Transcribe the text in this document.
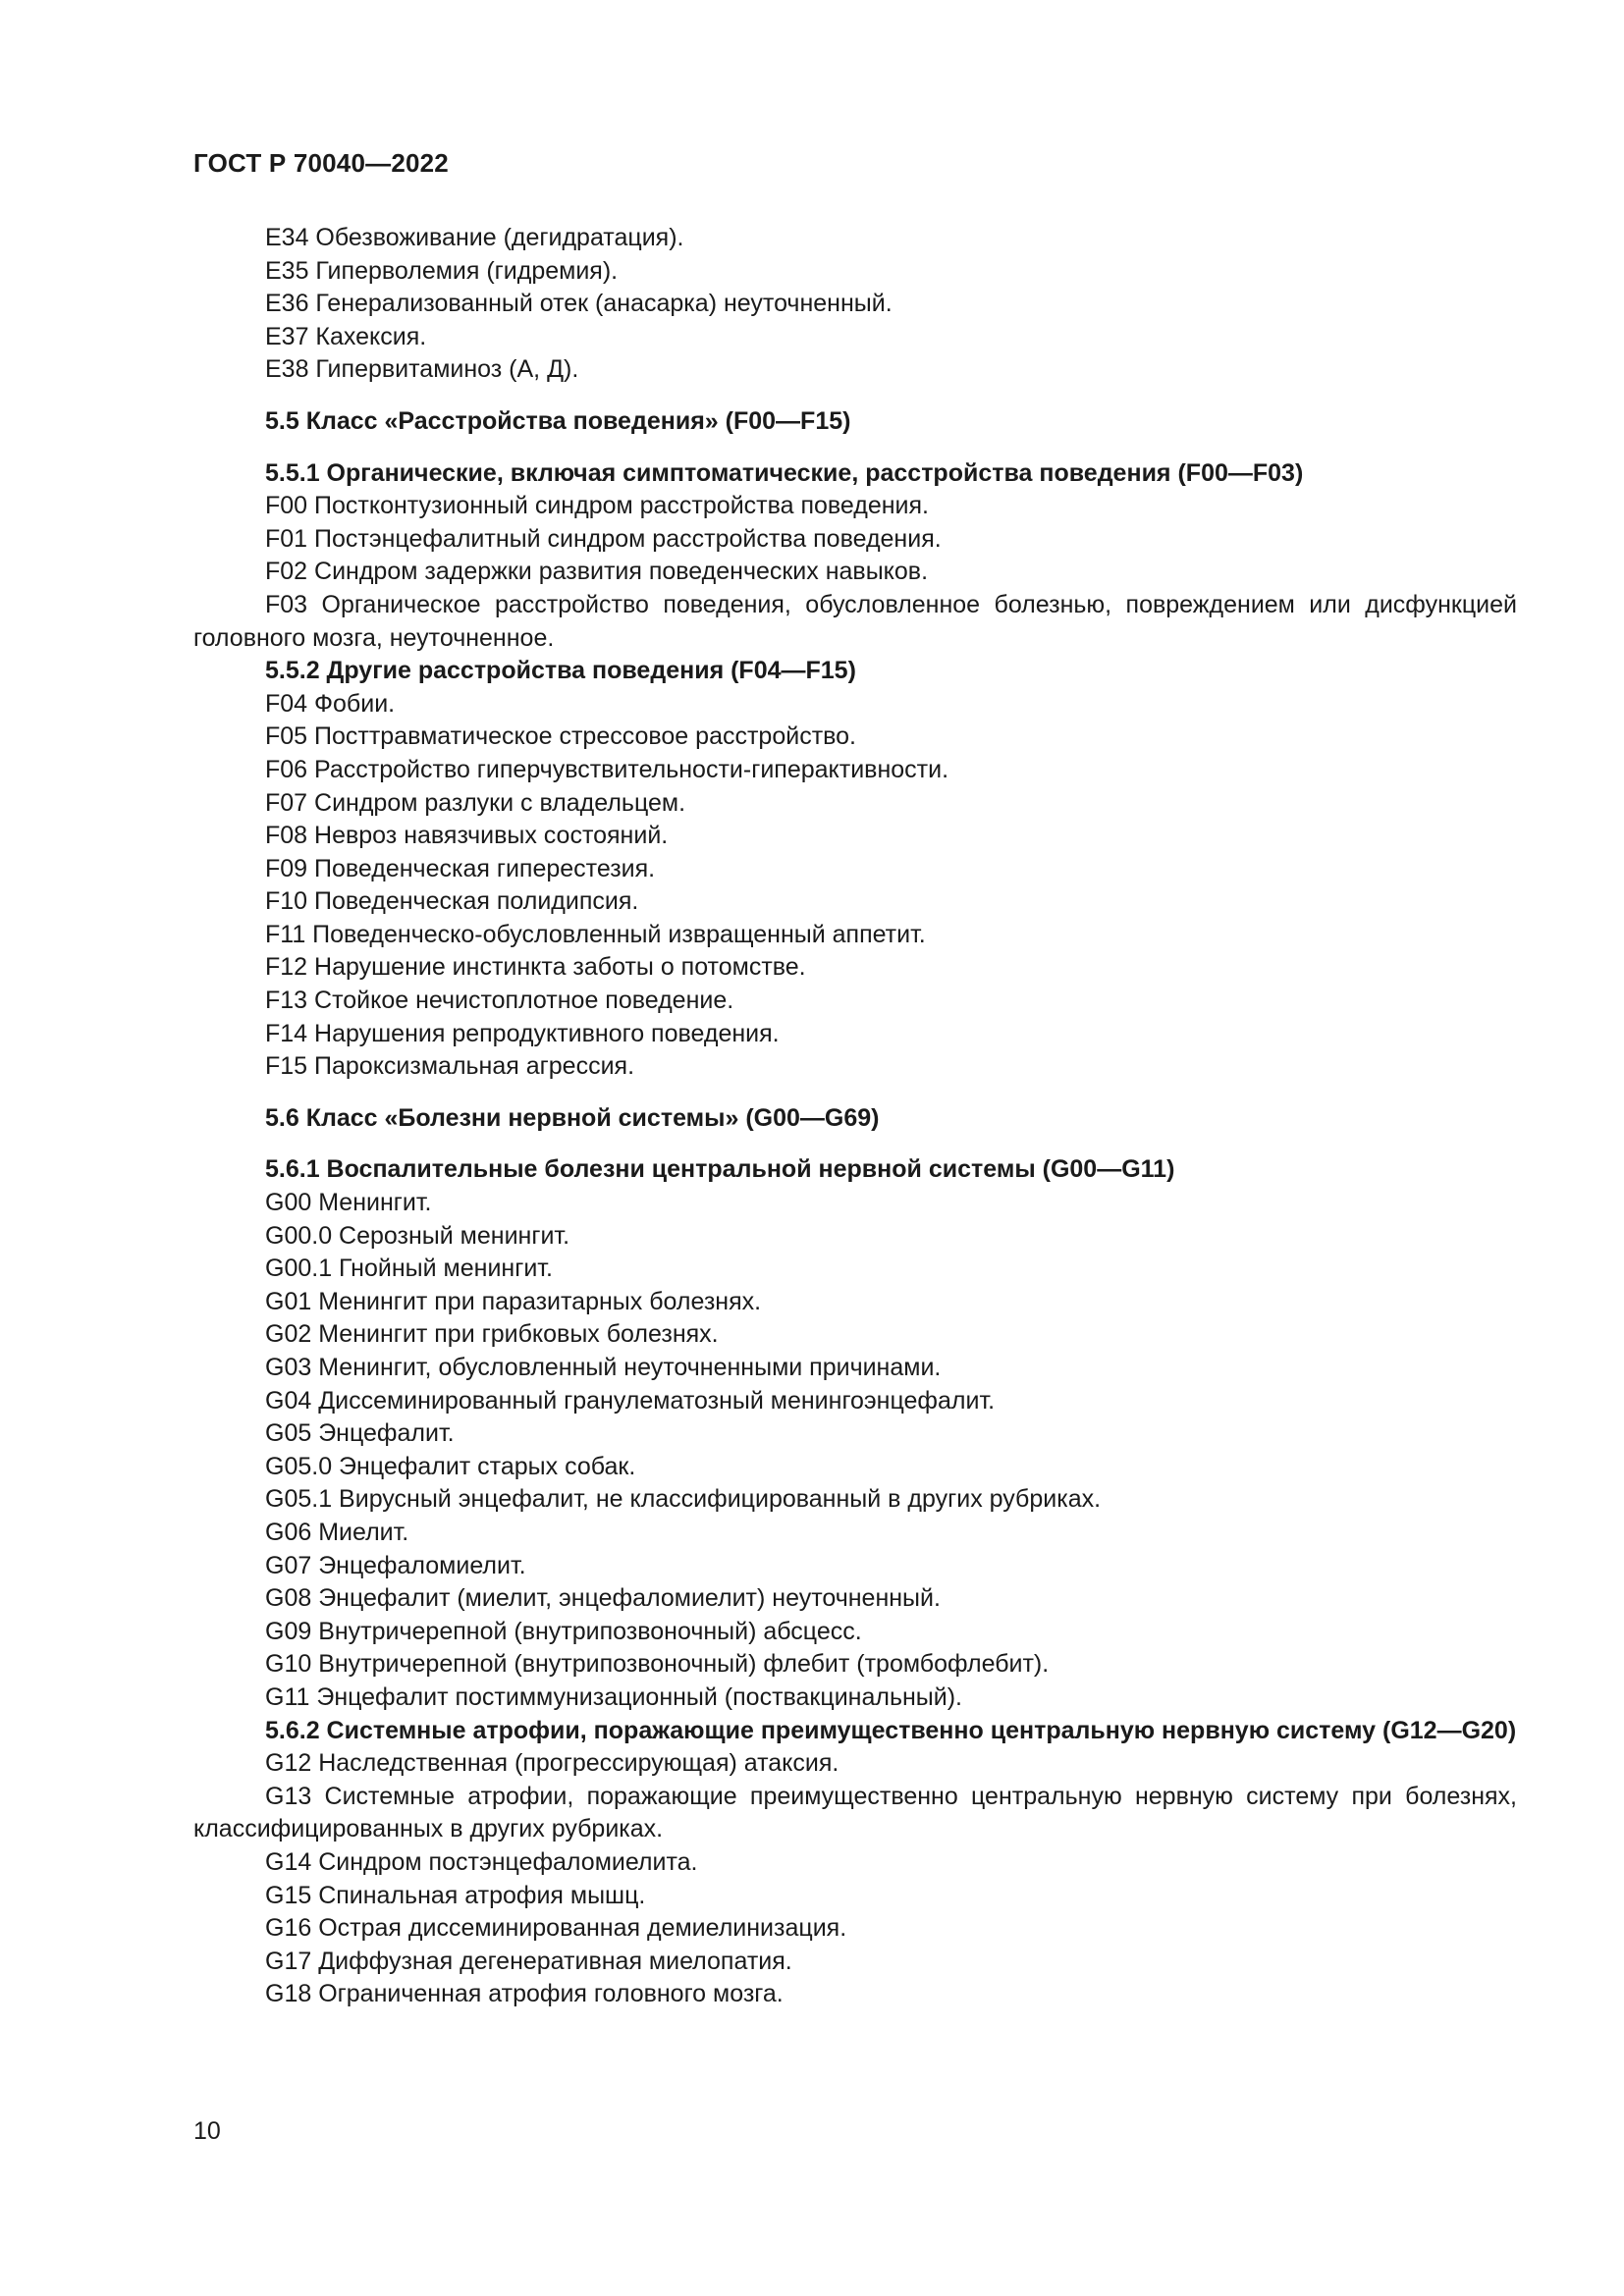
ГОСТ Р 70040—2022
E34 Обезвоживание (дегидратация).
E35 Гиперволемия (гидремия).
E36 Генерализованный отек (анасарка) неуточненный.
E37 Кахексия.
E38 Гипервитаминоз (А, Д).
5.5 Класс «Расстройства поведения» (F00—F15)
5.5.1 Органические, включая симптоматические, расстройства поведения (F00—F03)
F00 Постконтузионный синдром расстройства поведения.
F01 Постэнцефалитный синдром расстройства поведения.
F02 Синдром задержки развития поведенческих навыков.
F03 Органическое расстройство поведения, обусловленное болезнью, повреждением или дисфункцией головного мозга, неуточненное.
5.5.2 Другие расстройства поведения (F04—F15)
F04 Фобии.
F05 Посттравматическое стрессовое расстройство.
F06 Расстройство гиперчувствительности-гиперактивности.
F07 Синдром разлуки с владельцем.
F08 Невроз навязчивых состояний.
F09 Поведенческая гиперестезия.
F10 Поведенческая полидипсия.
F11 Поведенческо-обусловленный извращенный аппетит.
F12 Нарушение инстинкта заботы о потомстве.
F13 Стойкое нечистоплотное поведение.
F14 Нарушения репродуктивного поведения.
F15 Пароксизмальная агрессия.
5.6 Класс «Болезни нервной системы» (G00—G69)
5.6.1 Воспалительные болезни центральной нервной системы (G00—G11)
G00 Менингит.
G00.0 Серозный менингит.
G00.1 Гнойный менингит.
G01 Менингит при паразитарных болезнях.
G02 Менингит при грибковых болезнях.
G03 Менингит, обусловленный неуточненными причинами.
G04 Диссеминированный гранулематозный менингоэнцефалит.
G05 Энцефалит.
G05.0 Энцефалит старых собак.
G05.1 Вирусный энцефалит, не классифицированный в других рубриках.
G06 Миелит.
G07 Энцефаломиелит.
G08 Энцефалит (миелит, энцефаломиелит) неуточненный.
G09 Внутричерепной (внутрипозвоночный) абсцесс.
G10 Внутричерепной (внутрипозвоночный) флебит (тромбофлебит).
G11 Энцефалит постиммунизационный (поствакцинальный).
5.6.2 Системные атрофии, поражающие преимущественно центральную нервную систему (G12—G20)
G12 Наследственная (прогрессирующая) атаксия.
G13 Системные атрофии, поражающие преимущественно центральную нервную систему при болезнях, классифицированных в других рубриках.
G14 Синдром постэнцефаломиелита.
G15 Спинальная атрофия мышц.
G16 Острая диссеминированная демиелинизация.
G17 Диффузная дегенеративная миелопатия.
G18 Ограниченная атрофия головного мозга.
10
